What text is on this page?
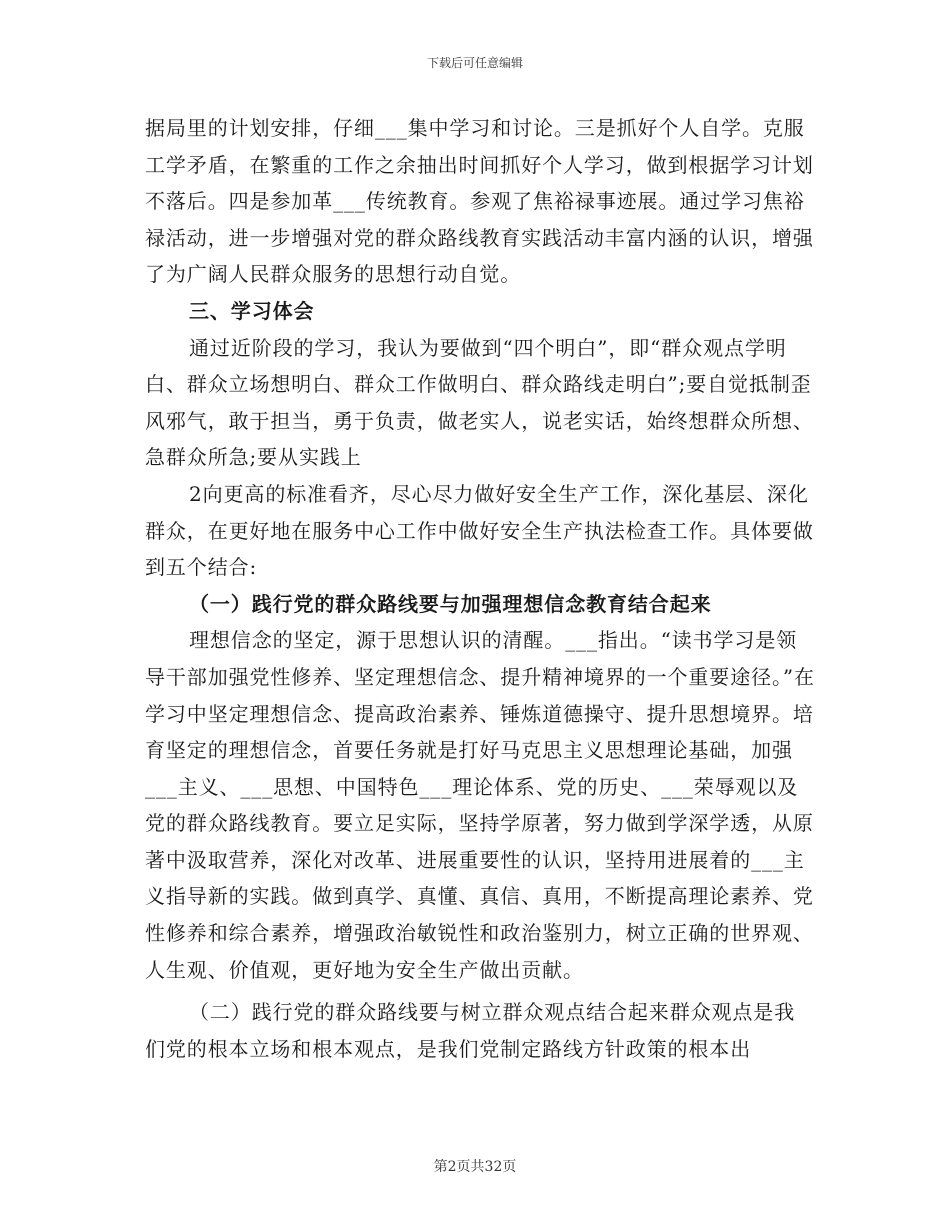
下载后可任意编辑

据局里的计划安排，仔细___集中学习和讨论。三是抓好个人自学。克服工学矛盾，在繁重的工作之余抽出时间抓好个人学习，做到根据学习计划不落后。四是参加革___传统教育。参观了焦裕禄事迹展。通过学习焦裕禄活动，进一步增强对党的群众路线教育实践活动丰富内涵的认识，增强了为广阔人民群众服务的思想行动自觉。

三、学习体会

通过近阶段的学习，我认为要做到“四个明白”，即“群众观点学明白、群众立场想明白、群众工作做明白、群众路线走明白”;要自觉抵制歪风邪气，敢于担当，勇于负责，做老实人，说老实话，始终想群众所想、急群众所急;要从实践上

2向更高的标准看齐，尽心尽力做好安全生产工作，深化基层、深化群众，在更好地在服务中心工作中做好安全生产执法检查工作。具体要做到五个结合:

（一）践行党的群众路线要与加强理想信念教育结合起来

理想信念的坚定，源于思想认识的清醒。___指出。“读书学习是领导干部加强党性修养、坚定理想信念、提升精神境界的一个重要途径。”在学习中坚定理想信念、提高政治素养、锤炼道德操守、提升思想境界。培育坚定的理想信念，首要任务就是打好马克思主义思想理论基础，加强___主义、___思想、中国特色___理论体系、党的历史、___荣辱观以及党的群众路线教育。要立足实际，坚持学原著，努力做到学深学透，从原著中汲取营养，深化对改革、进展重要性的认识，坚持用进展着的___主义指导新的实践。做到真学、真懂、真信、真用，不断提高理论素养、党性修养和综合素养，增强政治敏锐性和政治鉴别力，树立正确的世界观、人生观、价值观，更好地为安全生产做出贡献。

（二）践行党的群众路线要与树立群众观点结合起来群众观点是我们党的根本立场和根本观点，是我们党制定路线方针政策的根本出

第2页共32页
